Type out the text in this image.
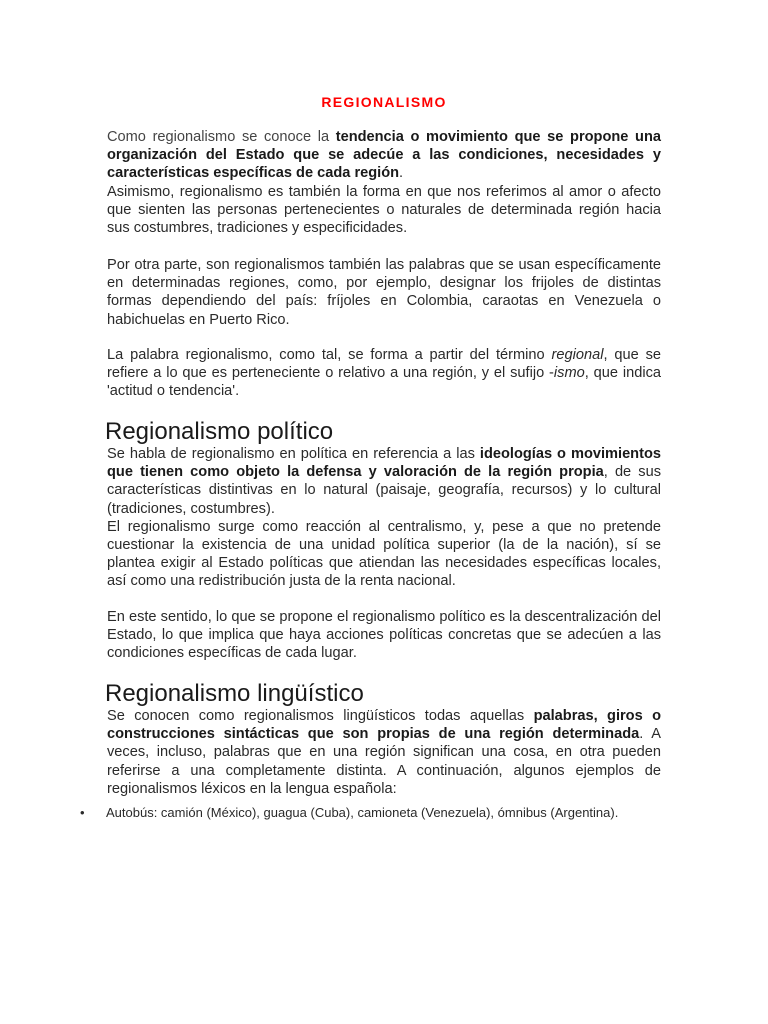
REGIONALISMO

Como regionalismo se conoce la tendencia o movimiento que se propone una organización del Estado que se adecúe a las condiciones, necesidades y características específicas de cada región.

Asimismo, regionalismo es también la forma en que nos referimos al amor o afecto que sienten las personas pertenecientes o naturales de determinada región hacia sus costumbres, tradiciones y especificidades.

Por otra parte, son regionalismos también las palabras que se usan específicamente en determinadas regiones, como, por ejemplo, designar los frijoles de distintas formas dependiendo del país: fríjoles en Colombia, caraotas en Venezuela o habichuelas en Puerto Rico.

La palabra regionalismo, como tal, se forma a partir del término regional, que se refiere a lo que es perteneciente o relativo a una región, y el sufijo -ismo, que indica 'actitud o tendencia'.

Regionalismo político

Se habla de regionalismo en política en referencia a las ideologías o movimientos que tienen como objeto la defensa y valoración de la región propia, de sus características distintivas en lo natural (paisaje, geografía, recursos) y lo cultural (tradiciones, costumbres).

El regionalismo surge como reacción al centralismo, y, pese a que no pretende cuestionar la existencia de una unidad política superior (la de la nación), sí se plantea exigir al Estado políticas que atiendan las necesidades específicas locales, así como una redistribución justa de la renta nacional.

En este sentido, lo que se propone el regionalismo político es la descentralización del Estado, lo que implica que haya acciones políticas concretas que se adecúen a las condiciones específicas de cada lugar.

Regionalismo lingüístico

Se conocen como regionalismos lingüísticos todas aquellas palabras, giros o construcciones sintácticas que son propias de una región determinada. A veces, incluso, palabras que en una región significan una cosa, en otra pueden referirse a una completamente distinta. A continuación, algunos ejemplos de regionalismos léxicos en la lengua española:

• Autobús: camión (México), guagua (Cuba), camioneta (Venezuela), ómnibus (Argentina).
